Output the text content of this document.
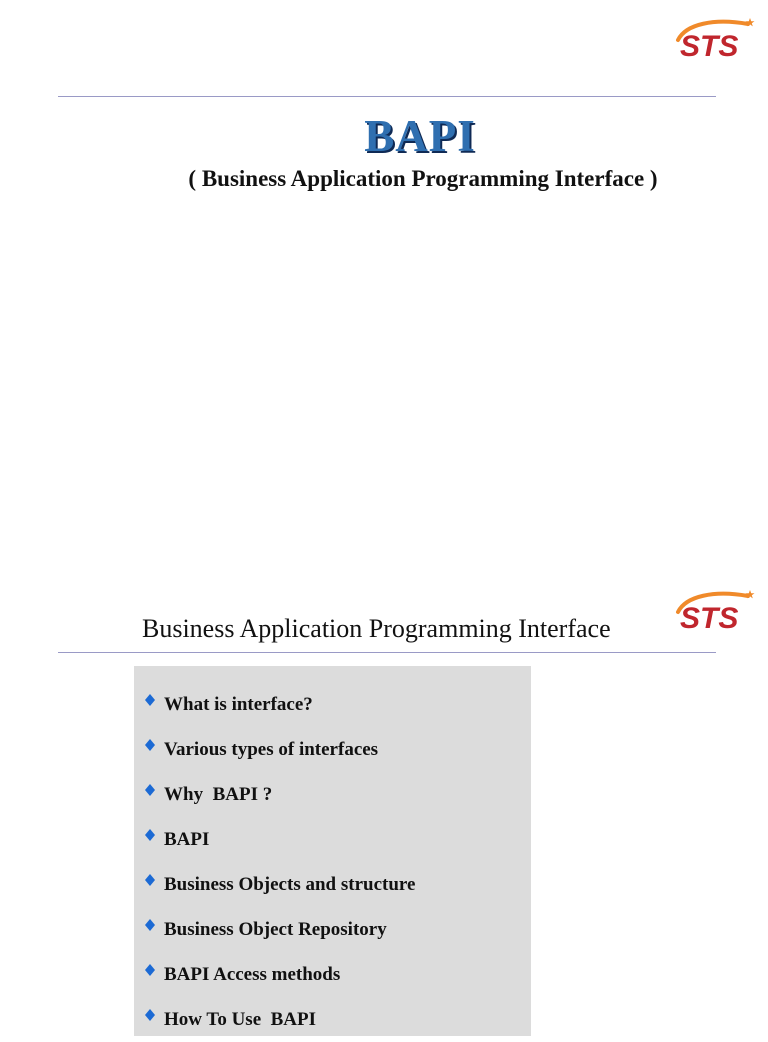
STS
BAPI
( Business Application Programming Interface )
Business Application Programming Interface STS
What is interface?
Various types of interfaces
Why  BAPI ?
BAPI
Business Objects and structure
Business Object Repository
BAPI Access methods
How To Use  BAPI
